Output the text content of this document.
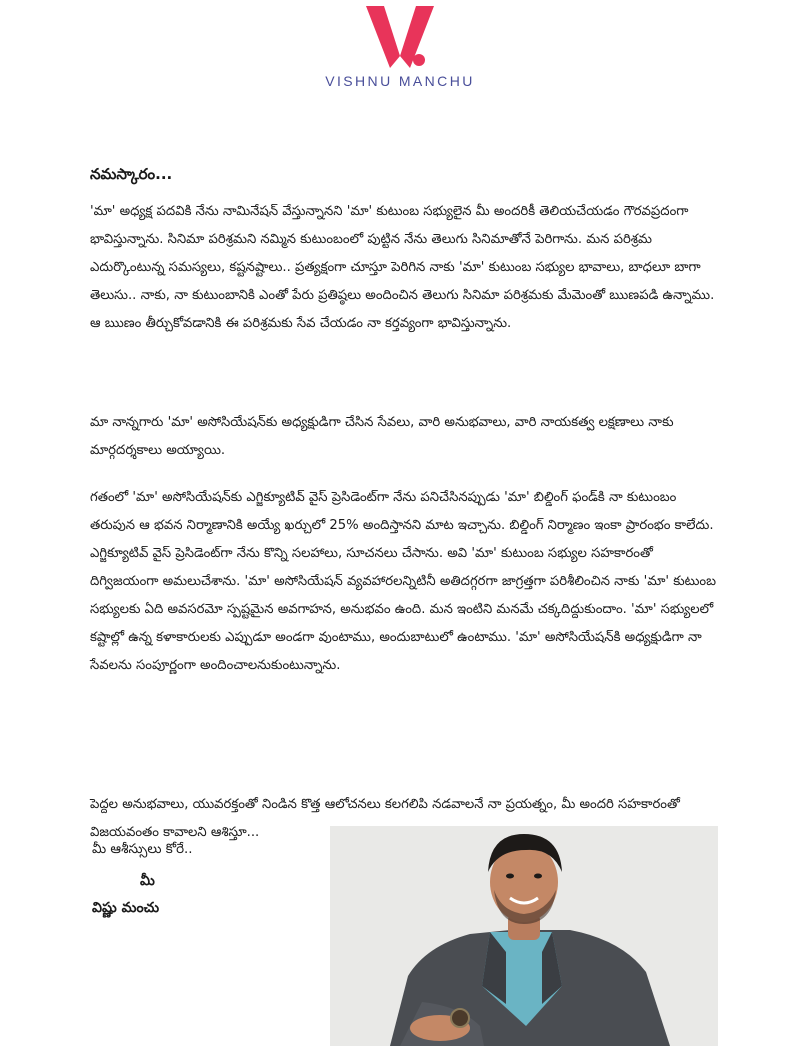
VISHNU MANCHU
నమస్కారం...

'మా' అధ్యక్ష పదవికి నేను నామినేషన్ వేస్తున్నానని 'మా' కుటుంబ సభ్యులైన మీ అందరికీ తెలియచేయడం గౌరవప్రదంగా భావిస్తున్నాను. సినిమా పరిశ్రమని నమ్మిన కుటుంబంలో పుట్టిన నేను తెలుగు సినిమాతోనే పెరిగాను. మన పరిశ్రమ ఎదుర్కొంటున్న సమస్యలు, కష్టనష్టాలు.. ప్రత్యక్షంగా చూస్తూ పెరిగిన నాకు 'మా' కుటుంబ సభ్యుల భావాలు, బాధలూ బాగా తెలుసు.. నాకు, నా కుటుంబానికి ఎంతో పేరు ప్రతిష్ఠలు అందించిన తెలుగు సినిమా పరిశ్రమకు మేమెంతో ఋణపడి ఉన్నాము. ఆ ఋణం తీర్చుకోవడానికి ఈ పరిశ్రమకు సేవ చేయడం నా కర్తవ్యంగా భావిస్తున్నాను.

మా నాన్నగారు 'మా' అసోసియేషన్‌కు అధ్యక్షుడిగా చేసిన సేవలు, వారి అనుభవాలు, వారి నాయకత్వ లక్షణాలు నాకు మార్గదర్శకాలు అయ్యాయి.

గతంలో 'మా' అసోసియేషన్‌కు ఎగ్జిక్యూటివ్ వైస్ ప్రెసిడెంట్‌గా నేను పనిచేసినప్పుడు 'మా' బిల్డింగ్ ఫండ్‌కి నా కుటుంబం తరుపున ఆ భవన నిర్మాణానికి అయ్యే ఖర్చులో 25% అందిస్తానని మాట ఇచ్చాను. బిల్డింగ్ నిర్మాణం ఇంకా ప్రారంభం కాలేదు. ఎగ్జిక్యూటివ్ వైస్ ప్రెసిడెంట్‌గా నేను కొన్ని సలహాలు, సూచనలు చేసాను. అవి 'మా' కుటుంబ సభ్యుల సహకారంతో దిగ్విజయంగా అమలుచేశాను. 'మా' అసోసియేషన్ వ్యవహారలన్నిటినీ అతిదగ్గరగా జాగ్రత్తగా పరిశీలించిన నాకు 'మా' కుటుంబ సభ్యులకు ఏది అవసరమో స్పష్టమైన అవగాహన, అనుభవం ఉంది. మన ఇంటిని మనమే చక్కదిద్దుకుందాం. 'మా' సభ్యులలో కష్టాల్లో ఉన్న కళాకారులకు ఎప్పుడూ అండగా వుంటాము, అందుబాటులో ఉంటాము. 'మా' అసోసియేషన్‌కి అధ్యక్షుడిగా నా సేవలను సంపూర్ణంగా అందించాలనుకుంటున్నాను.

పెద్దల అనుభవాలు, యువరక్తంతో నిండిన కొత్త ఆలోచనలు కలగలిపి నడవాలనే నా ప్రయత్నం, మీ అందరి సహకారంతో విజయవంతం కావాలని ఆశిస్తూ...

మీ ఆశీస్సులు కోరే..
మీ
విష్ణు మంచు
